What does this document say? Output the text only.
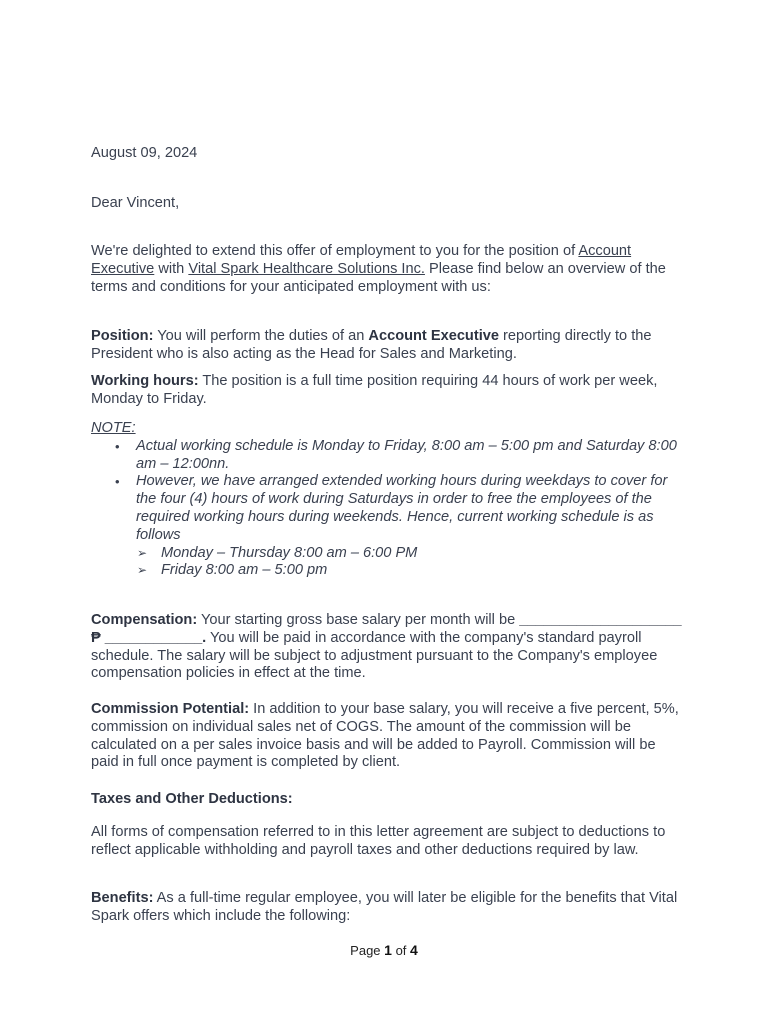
August 09, 2024
Dear Vincent,
We're delighted to extend this offer of employment to you for the position of Account Executive with Vital Spark Healthcare Solutions Inc. Please find below an overview of the terms and conditions for your anticipated employment with us:
Position: You will perform the duties of an Account Executive reporting directly to the President who is also acting as the Head for Sales and Marketing.
Working hours: The position is a full time position requiring 44 hours of work per week, Monday to Friday.
NOTE:
• Actual working schedule is Monday to Friday, 8:00 am – 5:00 pm and Saturday 8:00 am – 12:00nn.
• However, we have arranged extended working hours during weekdays to cover for the four (4) hours of work during Saturdays in order to free the employees of the required working hours during weekends. Hence, current working schedule is as follows
➢ Monday – Thursday 8:00 am – 6:00 PM
➢ Friday 8:00 am – 5:00 pm
Compensation: Your starting gross base salary per month will be ____________________ ₱ ____________. You will be paid in accordance with the company's standard payroll schedule. The salary will be subject to adjustment pursuant to the Company's employee compensation policies in effect at the time.
Commission Potential: In addition to your base salary, you will receive a five percent, 5%, commission on individual sales net of COGS. The amount of the commission will be calculated on a per sales invoice basis and will be added to Payroll. Commission will be paid in full once payment is completed by client.
Taxes and Other Deductions:
All forms of compensation referred to in this letter agreement are subject to deductions to reflect applicable withholding and payroll taxes and other deductions required by law.
Benefits: As a full-time regular employee, you will later be eligible for the benefits that Vital Spark offers which include the following:
Page 1 of 4
